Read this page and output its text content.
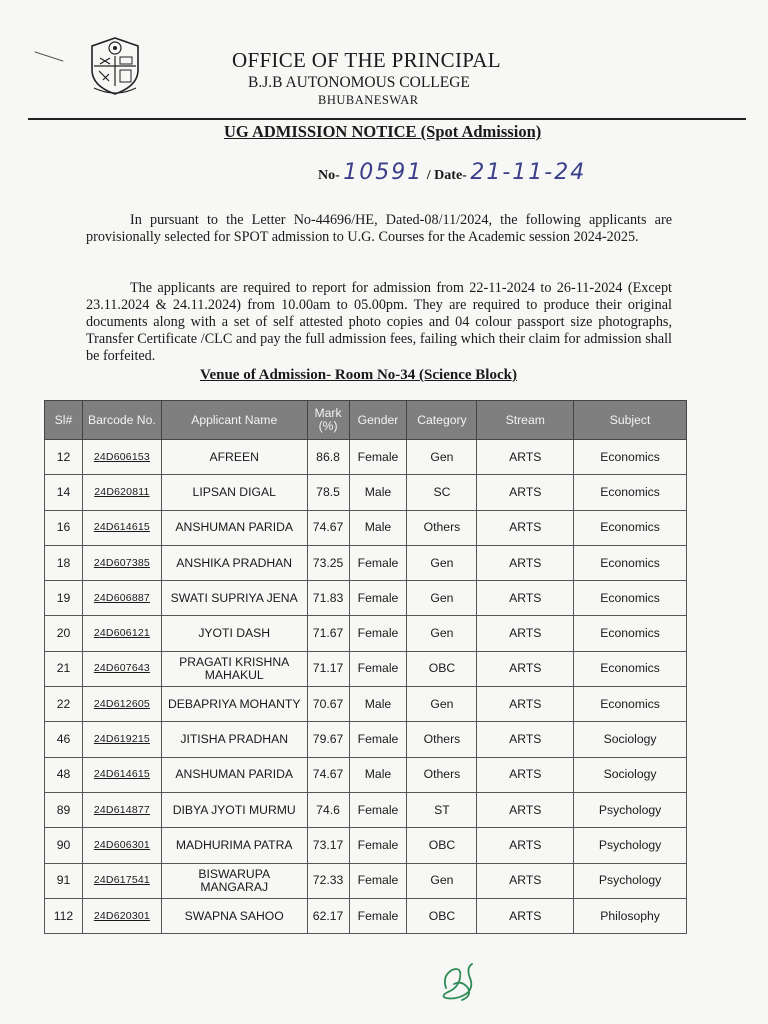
OFFICE OF THE PRINCIPAL
B.J.B AUTONOMOUS COLLEGE
BHUBANESWAR
UG ADMISSION NOTICE (Spot Admission)
No- 10591 / Date- 21-11-24

In pursuant to the Letter No-44696/HE, Dated-08/11/2024, the following applicants are provisionally selected for SPOT admission to U.G. Courses for the Academic session 2024-2025.

The applicants are required to report for admission from 22-11-2024 to 26-11-2024 (Except 23.11.2024 & 24.11.2024) from 10.00am to 05.00pm. They are required to produce their original documents along with a set of self attested photo copies and 04 colour passport size photographs, Transfer Certificate /CLC and pay the full admission fees, failing which their claim for admission shall be forfeited.

Venue of Admission- Room No-34 (Science Block)
Sl#	Barcode No.	Applicant Name	Mark (%)	Gender	Category	Stream	Subject
12	24D606153	AFREEN	86.8	Female	Gen	ARTS	Economics
14	24D620811	LIPSAN DIGAL	78.5	Male	SC	ARTS	Economics
16	24D614615	ANSHUMAN PARIDA	74.67	Male	Others	ARTS	Economics
18	24D607385	ANSHIKA PRADHAN	73.25	Female	Gen	ARTS	Economics
19	24D606887	SWATI SUPRIYA JENA	71.83	Female	Gen	ARTS	Economics
20	24D606121	JYOTI DASH	71.67	Female	Gen	ARTS	Economics
21	24D607643	PRAGATI KRISHNA MAHAKUL	71.17	Female	OBC	ARTS	Economics
22	24D612605	DEBAPRIYA MOHANTY	70.67	Male	Gen	ARTS	Economics
46	24D619215	JITISHA PRADHAN	79.67	Female	Others	ARTS	Sociology
48	24D614615	ANSHUMAN PARIDA	74.67	Male	Others	ARTS	Sociology
89	24D614877	DIBYA JYOTI MURMU	74.6	Female	ST	ARTS	Psychology
90	24D606301	MADHURIMA PATRA	73.17	Female	OBC	ARTS	Psychology
91	24D617541	BISWARUPA MANGARAJ	72.33	Female	Gen	ARTS	Psychology
112	24D620301	SWAPNA SAHOO	62.17	Female	OBC	ARTS	Philosophy
